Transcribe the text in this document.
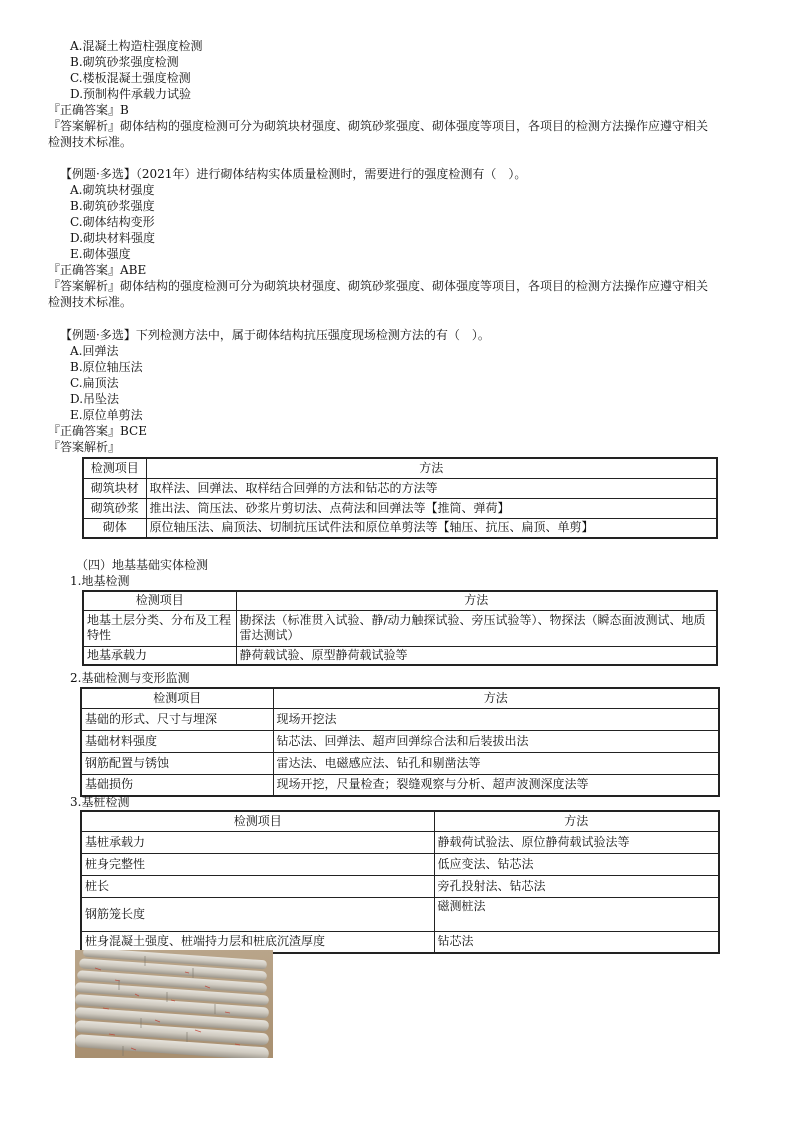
A.混凝土构造柱强度检测
B.砌筑砂浆强度检测
C.楼板混凝土强度检测
D.预制构件承载力试验
『正确答案』B
『答案解析』砌体结构的强度检测可分为砌筑块材强度、砌筑砂浆强度、砌体强度等项目，各项目的检测方法操作应遵守相关
检测技术标准。
【例题·多选】（2021年）进行砌体结构实体质量检测时，需要进行的强度检测有（　）。
A.砌筑块材强度
B.砌筑砂浆强度
C.砌体结构变形
D.砌块材料强度
E.砌体强度
『正确答案』ABE
『答案解析』砌体结构的强度检测可分为砌筑块材强度、砌筑砂浆强度、砌体强度等项目，各项目的检测方法操作应遵守相关
检测技术标准。
【例题·多选】下列检测方法中，属于砌体结构抗压强度现场检测方法的有（　）。
A.回弹法
B.原位轴压法
C.扁顶法
D.吊坠法
E.原位单剪法
『正确答案』BCE
『答案解析』
检测项目	方法
砌筑块材	取样法、回弹法、取样结合回弹的方法和钻芯的方法等
砌筑砂浆	推出法、筒压法、砂浆片剪切法、点荷法和回弹法等【推筒、弹荷】
砌体	原位轴压法、扁顶法、切制抗压试件法和原位单剪法等【轴压、抗压、扁顶、单剪】
（四）地基基础实体检测
1.地基检测
检测项目	方法
地基土层分类、分布及工程特性	勘探法（标准贯入试验、静/动力触探试验、旁压试验等）、物探法（瞬态面波测试、地质雷达测试）
地基承载力	静荷载试验、原型静荷载试验等
2.基础检测与变形监测
检测项目	方法
基础的形式、尺寸与埋深	现场开挖法
基础材料强度	钻芯法、回弹法、超声回弹综合法和后装拔出法
钢筋配置与锈蚀	雷达法、电磁感应法、钻孔和剔凿法等
基础损伤	现场开挖，尺量检查；裂缝观察与分析、超声波测深度法等
3.基桩检测
检测项目	方法
基桩承载力	静载荷试验法、原位静荷载试验法等
桩身完整性	低应变法、钻芯法
桩长	旁孔投射法、钻芯法
钢筋笼长度	磁测桩法
桩身混凝土强度、桩端持力层和桩底沉渣厚度	钻芯法
